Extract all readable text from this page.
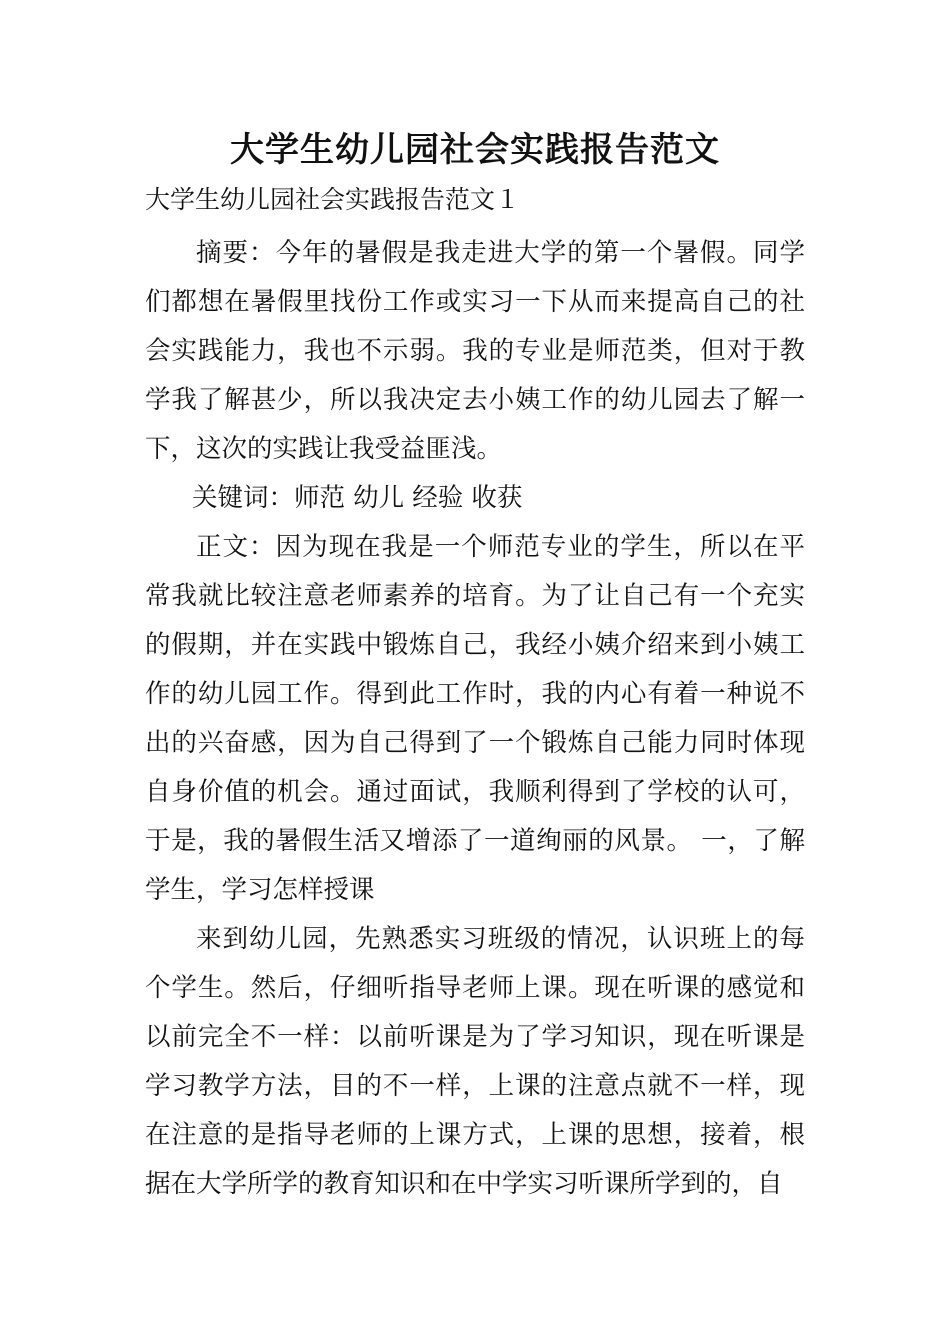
大学生幼儿园社会实践报告范文
大学生幼儿园社会实践报告范文１

摘要：今年的暑假是我走进大学的第一个暑假。同学们都想在暑假里找份工作或实习一下从而来提高自己的社会实践能力，我也不示弱。我的专业是师范类，但对于教学我了解甚少，所以我决定去小姨工作的幼儿园去了解一下，这次的实践让我受益匪浅。

关键词：师范 幼儿 经验 收获

正文：因为现在我是一个师范专业的学生，所以在平常我就比较注意老师素养的培育。为了让自己有一个充实的假期，并在实践中锻炼自己，我经小姨介绍来到小姨工作的幼儿园工作。得到此工作时，我的内心有着一种说不出的兴奋感，因为自己得到了一个锻炼自己能力同时体现自身价值的机会。通过面试，我顺利得到了学校的认可，于是，我的暑假生活又增添了一道绚丽的风景。 一，了解学生，学习怎样授课

来到幼儿园，先熟悉实习班级的情况，认识班上的每个学生。然后，仔细听指导老师上课。现在听课的感觉和以前完全不一样：以前听课是为了学习知识，现在听课是学习教学方法，目的不一样，上课的注意点就不一样，现在注意的是指导老师的上课方式，上课的思想，接着，根据在大学所学的教育知识和在中学实习听课所学到的，自
